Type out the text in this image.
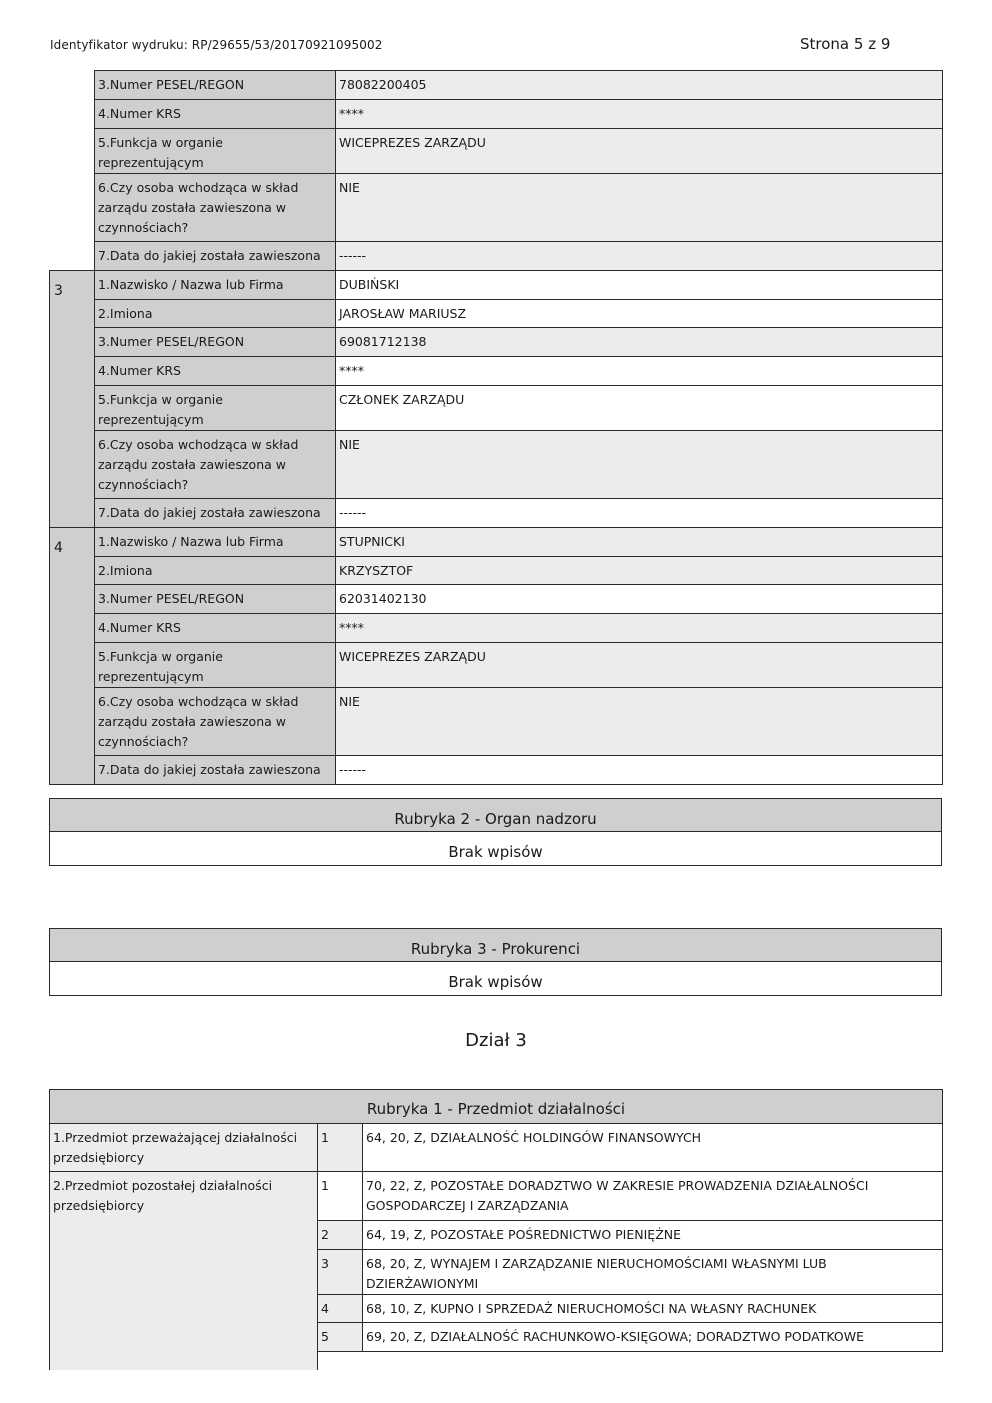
Identyfikator wydruku: RP/29655/53/20170921095002	Strona 5 z 9
	3.Numer PESEL/REGON	78082200405
	4.Numer KRS	****
	5.Funkcja w organie reprezentującym	WICEPREZES ZARZĄDU
	6.Czy osoba wchodząca w skład zarządu została zawieszona w czynnościach?	NIE
	7.Data do jakiej została zawieszona	------
3	1.Nazwisko / Nazwa lub Firma	DUBIŃSKI
	2.Imiona	JAROSŁAW MARIUSZ
	3.Numer PESEL/REGON	69081712138
	4.Numer KRS	****
	5.Funkcja w organie reprezentującym	CZŁONEK ZARZĄDU
	6.Czy osoba wchodząca w skład zarządu została zawieszona w czynnościach?	NIE
	7.Data do jakiej została zawieszona	------
4	1.Nazwisko / Nazwa lub Firma	STUPNICKI
	2.Imiona	KRZYSZTOF
	3.Numer PESEL/REGON	62031402130
	4.Numer KRS	****
	5.Funkcja w organie reprezentującym	WICEPREZES ZARZĄDU
	6.Czy osoba wchodząca w skład zarządu została zawieszona w czynnościach?	NIE
	7.Data do jakiej została zawieszona	------
Rubryka 2 - Organ nadzoru
Brak wpisów
Rubryka 3 - Prokurenci
Brak wpisów
Dział 3
Rubryka 1 - Przedmiot działalności		
1.Przedmiot przeważającej działalności przedsiębiorcy	1	64, 20, Z, DZIAŁALNOŚĆ HOLDINGÓW FINANSOWYCH
2.Przedmiot pozostałej działalności przedsiębiorcy	1	70, 22, Z, POZOSTAŁE DORADZTWO W ZAKRESIE PROWADZENIA DZIAŁALNOŚCI GOSPODARCZEJ I ZARZĄDZANIA
	2	64, 19, Z, POZOSTAŁE POŚREDNICTWO PIENIĘŻNE
	3	68, 20, Z, WYNAJEM I ZARZĄDZANIE NIERUCHOMOŚCIAMI WŁASNYMI LUB DZIERŻAWIONYMI
	4	68, 10, Z, KUPNO I SPRZEDAŻ NIERUCHOMOŚCI NA WŁASNY RACHUNEK
	5	69, 20, Z, DZIAŁALNOŚĆ RACHUNKOWO-KSIĘGOWA; DORADZTWO PODATKOWE
